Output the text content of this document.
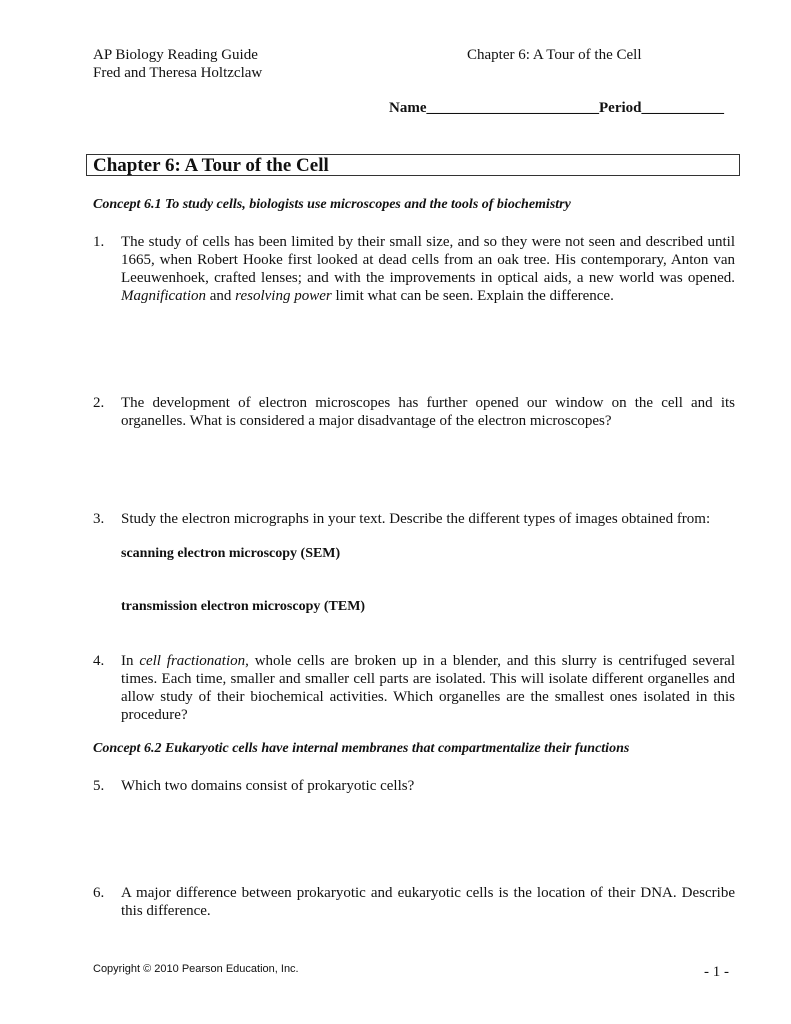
AP Biology Reading Guide
Fred and Theresa Holtzclaw
Chapter 6: A Tour of the Cell
Name_______________________Period___________
Chapter 6: A Tour of the Cell
Concept 6.1 To study cells, biologists use microscopes and the tools of biochemistry
1. The study of cells has been limited by their small size, and so they were not seen and described until 1665, when Robert Hooke first looked at dead cells from an oak tree. His contemporary, Anton van Leeuwenhoek, crafted lenses; and with the improvements in optical aids, a new world was opened. Magnification and resolving power limit what can be seen. Explain the difference.
2. The development of electron microscopes has further opened our window on the cell and its organelles. What is considered a major disadvantage of the electron microscopes?
3. Study the electron micrographs in your text. Describe the different types of images obtained from:
scanning electron microscopy (SEM)
transmission electron microscopy (TEM)
4. In cell fractionation, whole cells are broken up in a blender, and this slurry is centrifuged several times. Each time, smaller and smaller cell parts are isolated. This will isolate different organelles and allow study of their biochemical activities. Which organelles are the smallest ones isolated in this procedure?
Concept 6.2 Eukaryotic cells have internal membranes that compartmentalize their functions
5. Which two domains consist of prokaryotic cells?
6. A major difference between prokaryotic and eukaryotic cells is the location of their DNA. Describe this difference.
Copyright © 2010 Pearson Education, Inc.	- 1 -
